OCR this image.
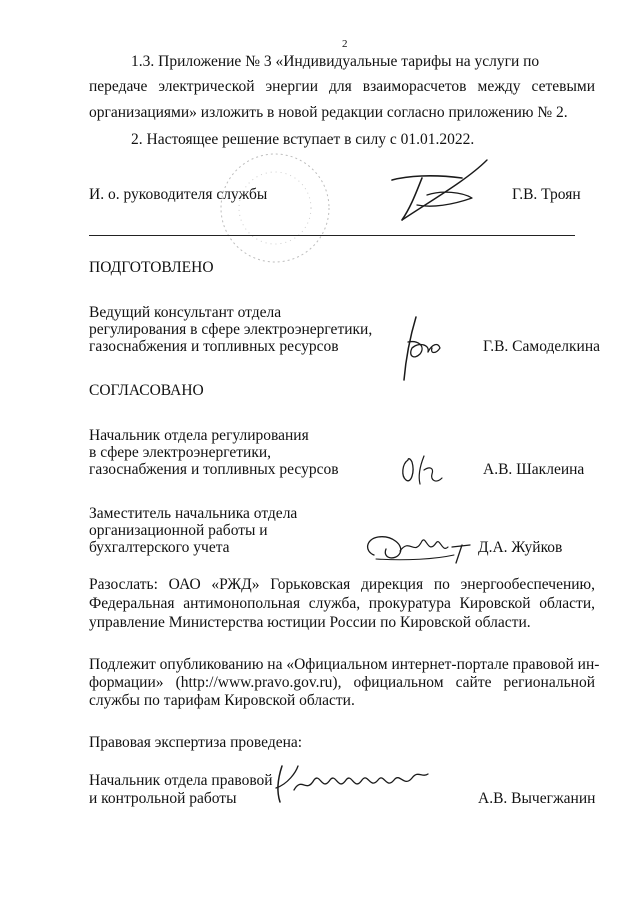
2
1.3. Приложение № 3 «Индивидуальные тарифы на услуги по
передаче электрической энергии для взаиморасчетов между сетевыми
организациями» изложить в новой редакции согласно приложению № 2.
2. Настоящее решение вступает в силу с 01.01.2022.
И. о. руководителя службы	Г.В. Троян
ПОДГОТОВЛЕНО
Ведущий консультант отдела
регулирования в сфере электроэнергетики,
газоснабжения и топливных ресурсов	Г.В. Самоделкина
СОГЛАСОВАНО
Начальник отдела регулирования
в сфере электроэнергетики,
газоснабжения и топливных ресурсов	А.В. Шаклеина
Заместитель начальника отдела
организационной работы и
бухгалтерского учета	Д.А. Жуйков
Разослать: ОАО «РЖД» Горьковская дирекция по энергообеспечению,
Федеральная антимонопольная служба, прокуратура Кировской области,
управление Министерства юстиции России по Кировской области.
Подлежит опубликованию на «Официальном интернет-портале правовой ин-
формации» (http://www.pravo.gov.ru), официальном сайте региональной
службы по тарифам Кировской области.
Правовая экспертиза проведена:
Начальник отдела правовой
и контрольной работы	А.В. Вычегжанин
